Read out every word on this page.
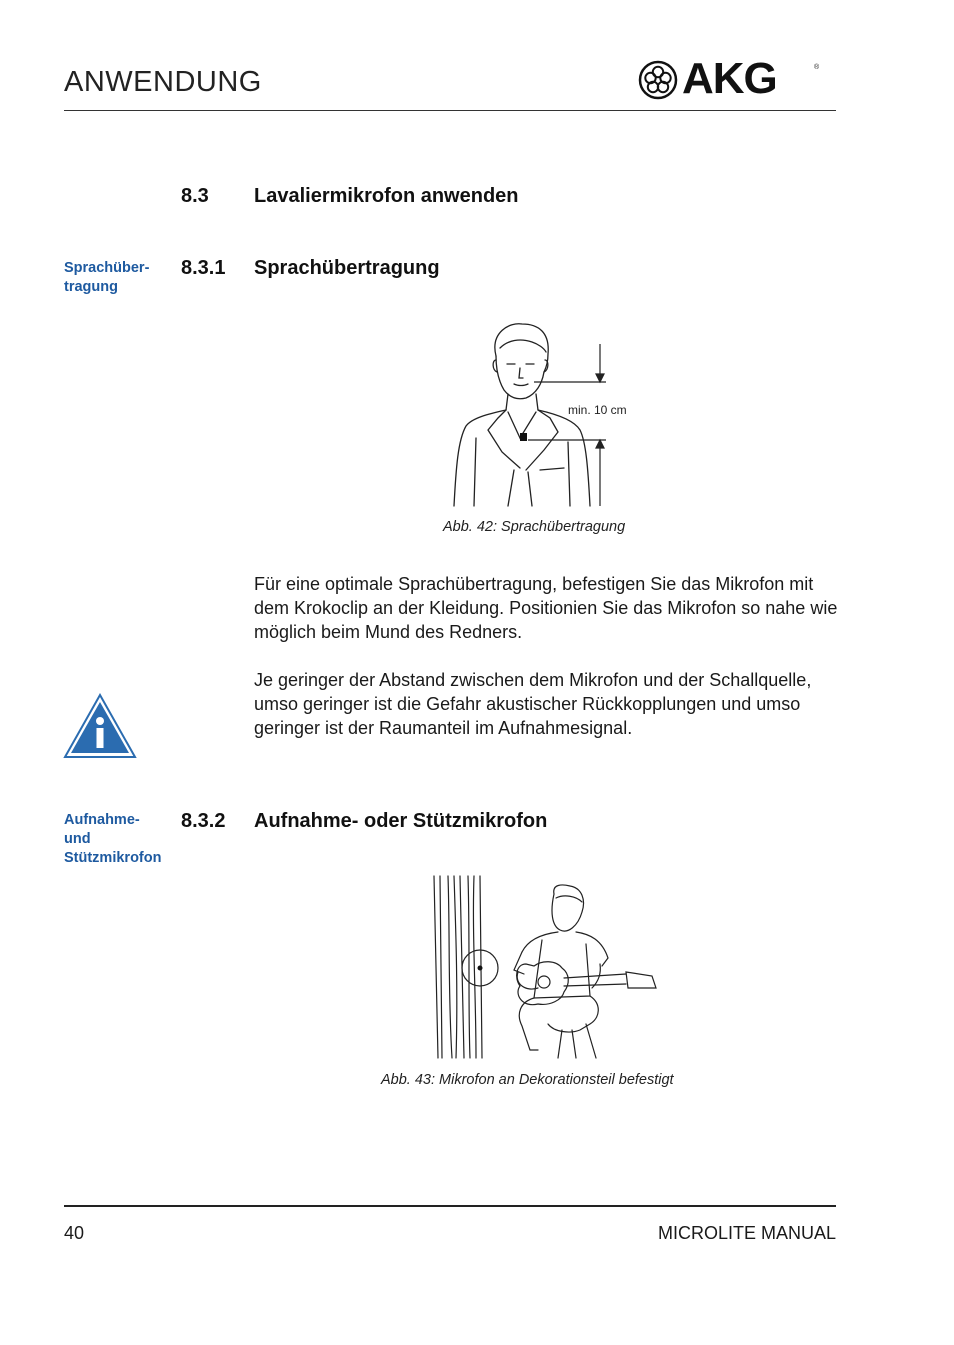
ANWENDUNG	AKG	®
8.3 Lavaliermikrofon anwenden
Sprachüber-
tragung
8.3.1 Sprachübertragung
min. 10 cm
Abb. 42: Sprachübertragung

Für eine optimale Sprachübertragung, befestigen Sie das Mikrofon mit dem Krokoclip an der Kleidung. Positionien Sie das Mikrofon so nahe wie möglich beim Mund des Redners.

Je geringer der Abstand zwischen dem Mikrofon und der Schallquelle, umso geringer ist die Gefahr akustischer Rückkopplungen und umso geringer ist der Raumanteil im Aufnahmesignal.

Aufnahme-
und
Stützmikrofon
8.3.2 Aufnahme- oder Stützmikrofon
Abb. 43: Mikrofon an Dekorationsteil befestigt
40	MICROLITE MANUAL
